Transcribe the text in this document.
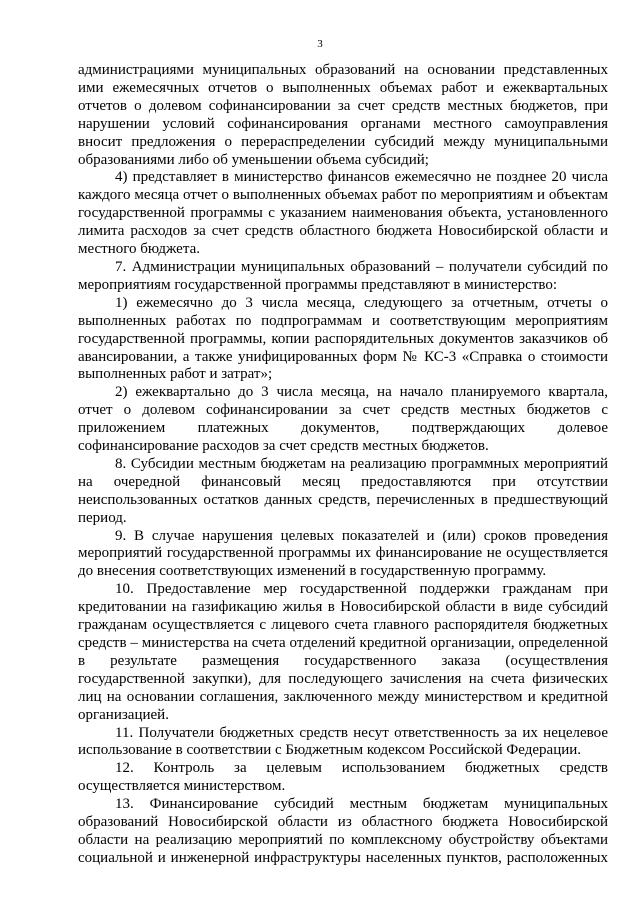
3

администрациями муниципальных образований на основании представленных ими ежемесячных отчетов о выполненных объемах работ и ежеквартальных отчетов о долевом софинансировании за счет средств местных бюджетов, при нарушении условий софинансирования органами местного самоуправления вносит предложения о перераспределении субсидий между муниципальными образованиями либо об уменьшении объема субсидий;

4) представляет в министерство финансов ежемесячно не позднее 20 числа каждого месяца отчет о выполненных объемах работ по мероприятиям и объектам государственной программы с указанием наименования объекта, установленного лимита расходов за счет средств областного бюджета Новосибирской области и местного бюджета.

7. Администрации муниципальных образований – получатели субсидий по мероприятиям государственной программы представляют в министерство:

1) ежемесячно до 3 числа месяца, следующего за отчетным, отчеты о выполненных работах по подпрограммам и соответствующим мероприятиям государственной программы, копии распорядительных документов заказчиков об авансировании, а также унифицированных форм № КС-3 «Справка о стоимости выполненных работ и затрат»;

2) ежеквартально до 3 числа месяца, на начало планируемого квартала, отчет о долевом софинансировании за счет средств местных бюджетов с приложением платежных документов, подтверждающих долевое софинансирование расходов за счет средств местных бюджетов.

8. Субсидии местным бюджетам на реализацию программных мероприятий на очередной финансовый месяц предоставляются при отсутствии неиспользованных остатков данных средств, перечисленных в предшествующий период.

9. В случае нарушения целевых показателей и (или) сроков проведения мероприятий государственной программы их финансирование не осуществляется до внесения соответствующих изменений в государственную программу.

10. Предоставление мер государственной поддержки гражданам при кредитовании на газификацию жилья в Новосибирской области в виде субсидий гражданам осуществляется с лицевого счета главного распорядителя бюджетных средств – министерства на счета отделений кредитной организации, определенной в результате размещения государственного заказа (осуществления государственной закупки), для последующего зачисления на счета физических лиц на основании соглашения, заключенного между министерством и кредитной организацией.

11. Получатели бюджетных средств несут ответственность за их нецелевое использование в соответствии с Бюджетным кодексом Российской Федерации.

12. Контроль за целевым использованием бюджетных средств осуществляется министерством.

13. Финансирование субсидий местным бюджетам муниципальных образований Новосибирской области из областного бюджета Новосибирской области на реализацию мероприятий по комплексному обустройству объектами социальной и инженерной инфраструктуры населенных пунктов, расположенных
